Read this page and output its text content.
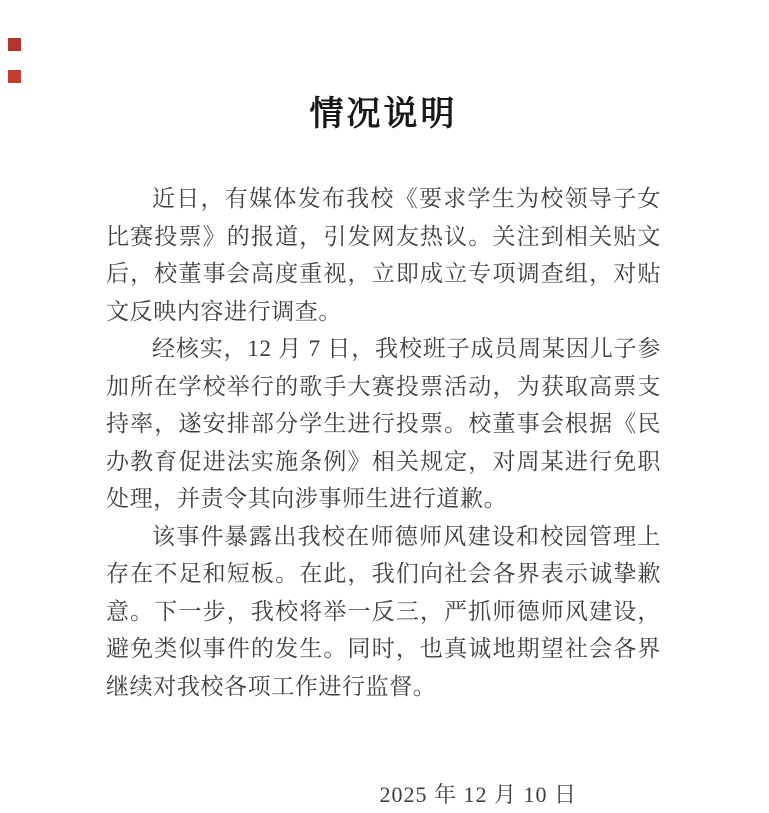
情况说明

近日，有媒体发布我校《要求学生为校领导子女比赛投票》的报道，引发网友热议。关注到相关贴文后，校董事会高度重视，立即成立专项调查组，对贴文反映内容进行调查。

经核实，12 月 7 日，我校班子成员周某因儿子参加所在学校举行的歌手大赛投票活动，为获取高票支持率，遂安排部分学生进行投票。校董事会根据《民办教育促进法实施条例》相关规定，对周某进行免职处理，并责令其向涉事师生进行道歉。

该事件暴露出我校在师德师风建设和校园管理上存在不足和短板。在此，我们向社会各界表示诚挚歉意。下一步，我校将举一反三，严抓师德师风建设，避免类似事件的发生。同时，也真诚地期望社会各界继续对我校各项工作进行监督。

2025 年 12 月 10 日
